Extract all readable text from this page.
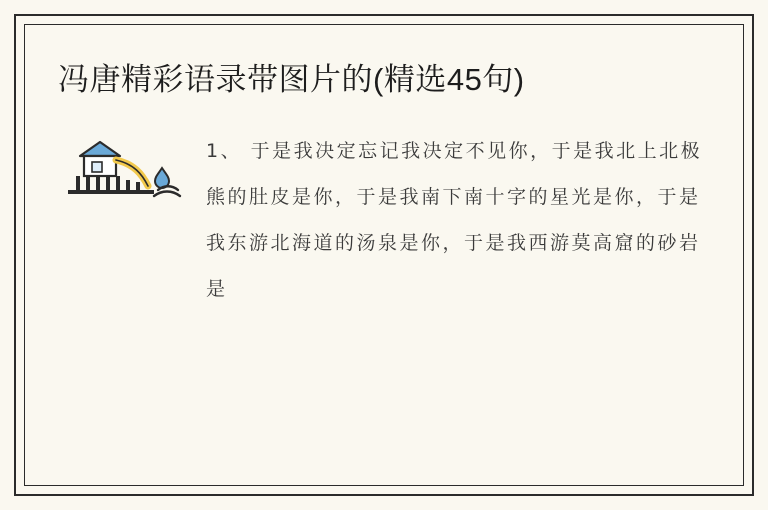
冯唐精彩语录带图片的(精选45句)
1、 于是我决定忘记我决定不见你，于是我北上北极熊的肚皮是你，于是我南下南十字的星光是你，于是我东游北海道的汤泉是你，于是我西游莫高窟的砂岩是
